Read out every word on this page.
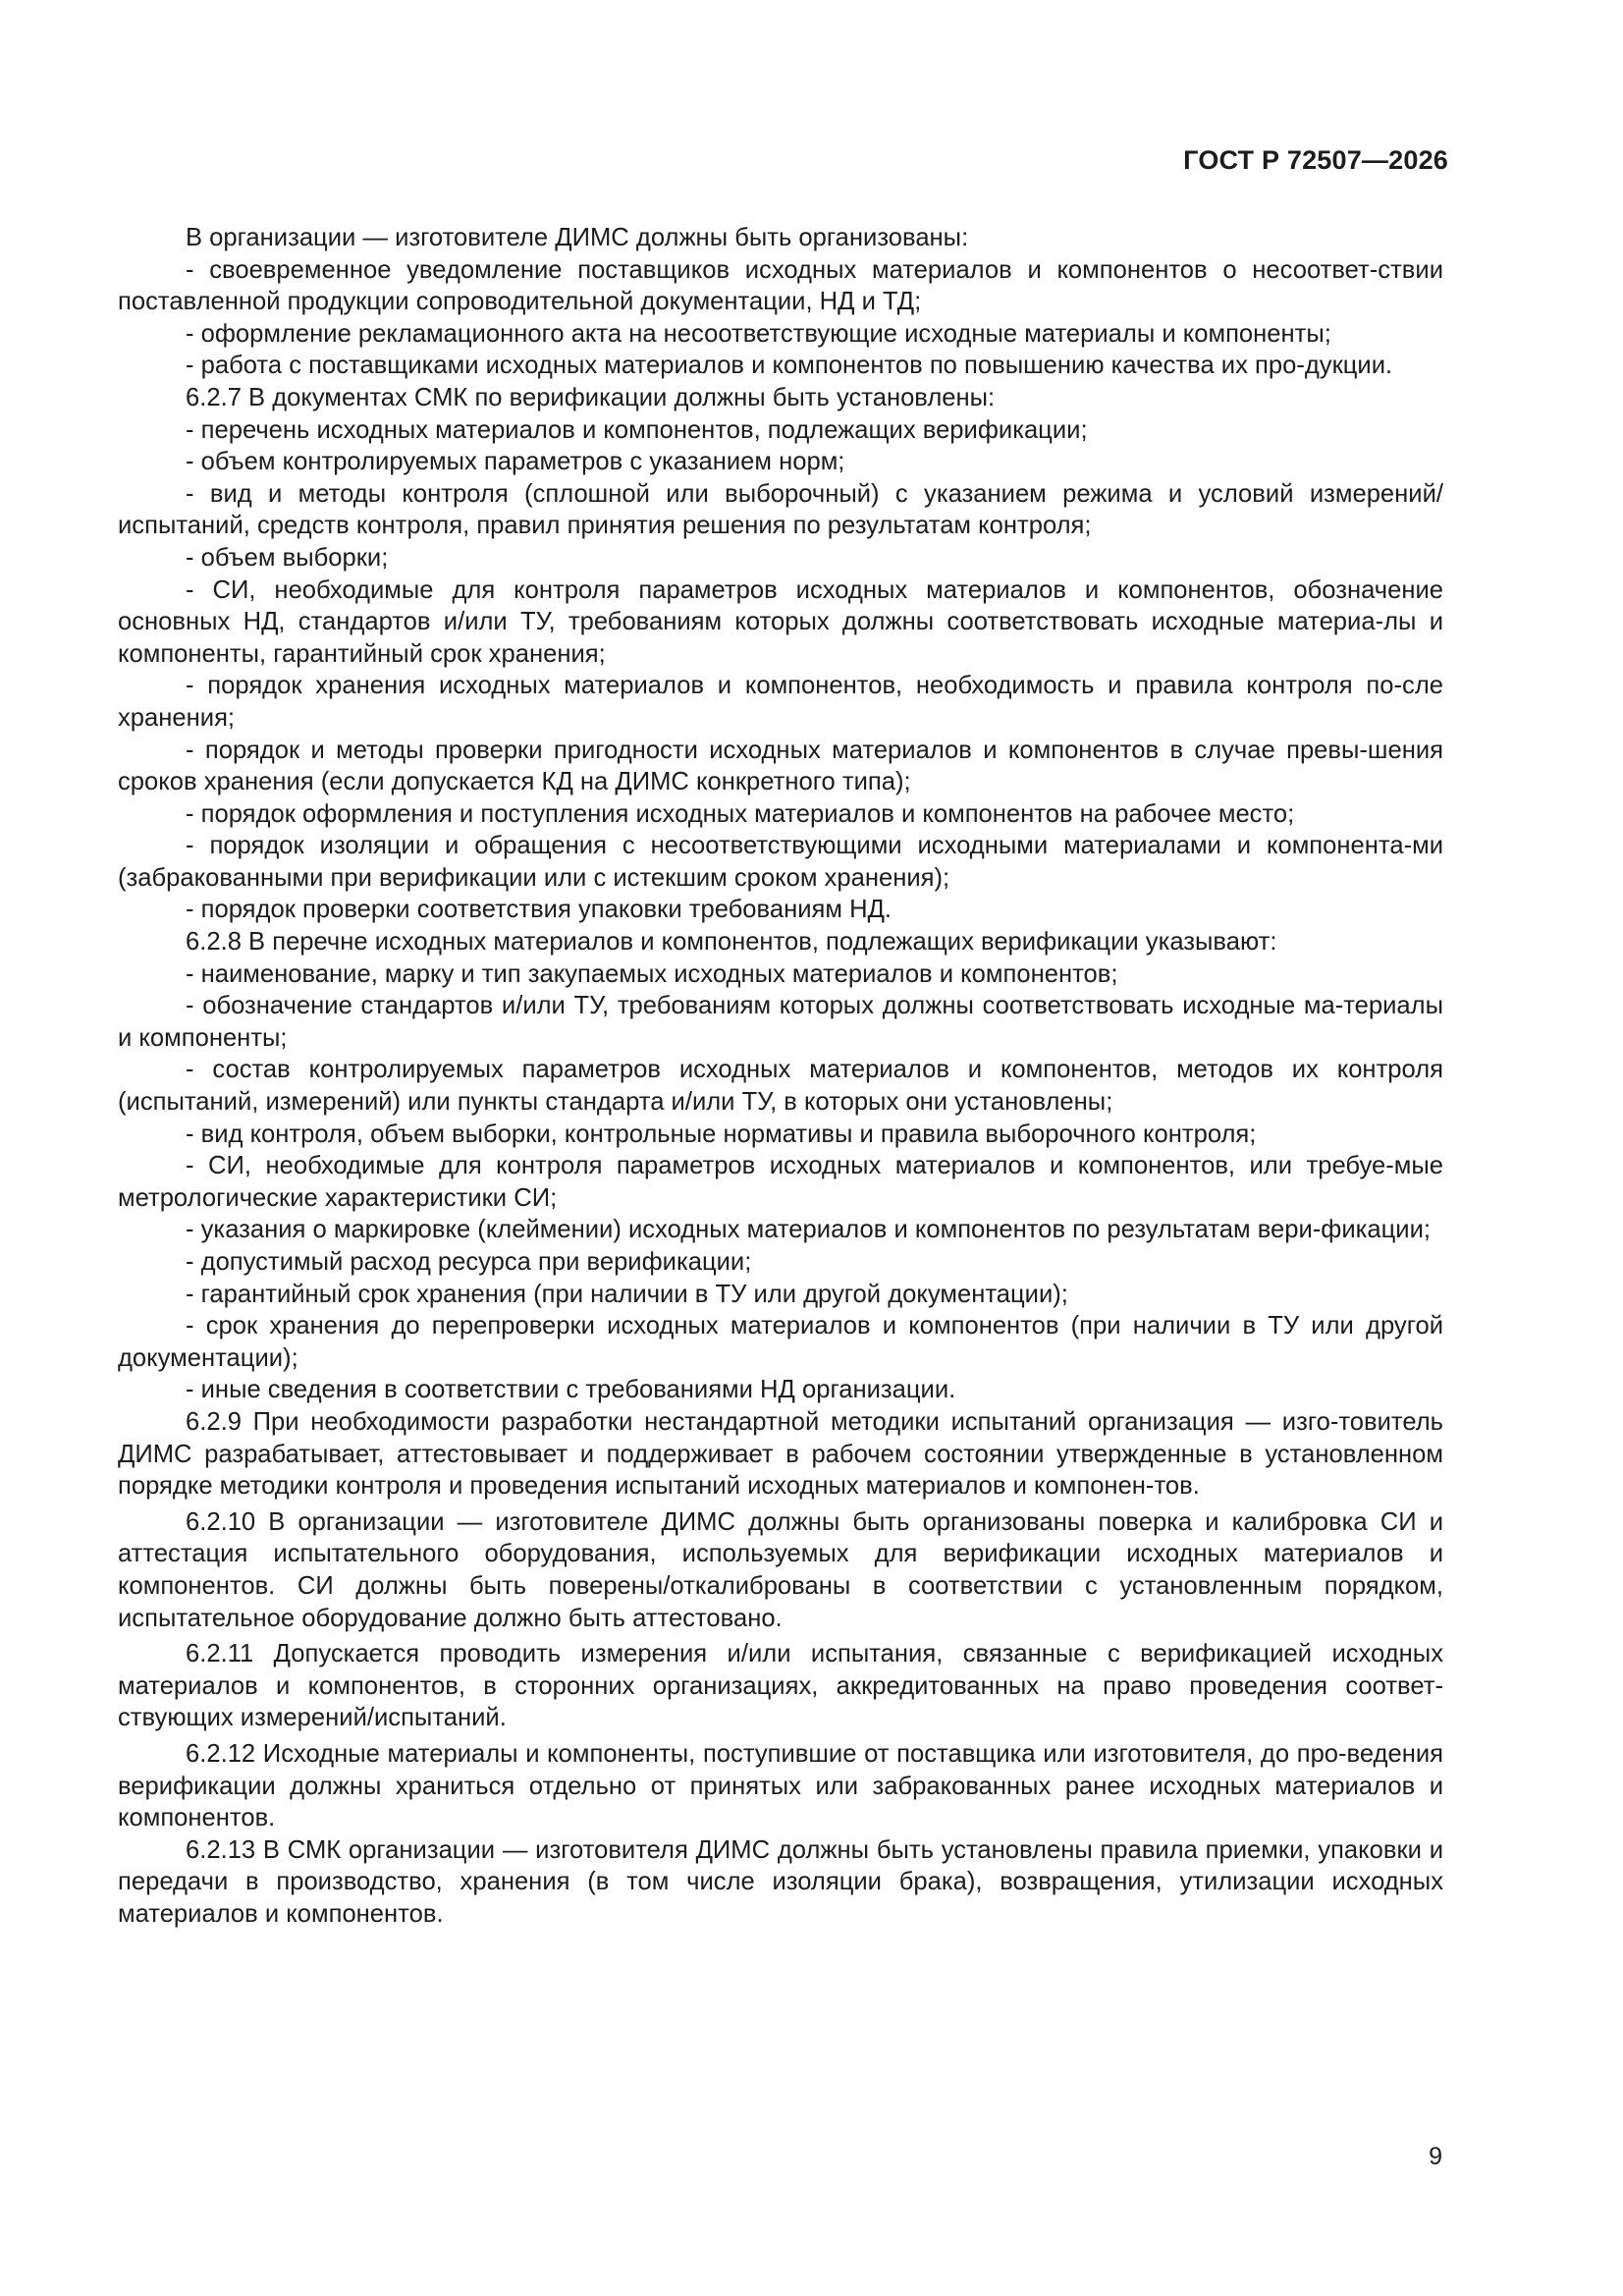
ГОСТ Р 72507—2026

В организации — изготовителе ДИМС должны быть организованы:

- своевременное уведомление поставщиков исходных материалов и компонентов о несоответ-ствии поставленной продукции сопроводительной документации, НД и ТД;

- оформление рекламационного акта на несоответствующие исходные материалы и компоненты;

- работа с поставщиками исходных материалов и компонентов по повышению качества их про-дукции.

6.2.7 В документах СМК по верификации должны быть установлены:

- перечень исходных материалов и компонентов, подлежащих верификации;

- объем контролируемых параметров с указанием норм;

- вид и методы контроля (сплошной или выборочный) с указанием режима и условий измерений/испытаний, средств контроля, правил принятия решения по результатам контроля;

- объем выборки;

- СИ, необходимые для контроля параметров исходных материалов и компонентов, обозначение основных НД, стандартов и/или ТУ, требованиям которых должны соответствовать исходные материа-лы и компоненты, гарантийный срок хранения;

- порядок хранения исходных материалов и компонентов, необходимость и правила контроля по-сле хранения;

- порядок и методы проверки пригодности исходных материалов и компонентов в случае превы-шения сроков хранения (если допускается КД на ДИМС конкретного типа);

- порядок оформления и поступления исходных материалов и компонентов на рабочее место;

- порядок изоляции и обращения с несоответствующими исходными материалами и компонента-ми (забракованными при верификации или с истекшим сроком хранения);

- порядок проверки соответствия упаковки требованиям НД.

6.2.8 В перечне исходных материалов и компонентов, подлежащих верификации указывают:

- наименование, марку и тип закупаемых исходных материалов и компонентов;

- обозначение стандартов и/или ТУ, требованиям которых должны соответствовать исходные ма-териалы и компоненты;

- состав контролируемых параметров исходных материалов и компонентов, методов их контроля (испытаний, измерений) или пункты стандарта и/или ТУ, в которых они установлены;

- вид контроля, объем выборки, контрольные нормативы и правила выборочного контроля;

- СИ, необходимые для контроля параметров исходных материалов и компонентов, или требуе-мые метрологические характеристики СИ;

- указания о маркировке (клеймении) исходных материалов и компонентов по результатам вери-фикации;

- допустимый расход ресурса при верификации;

- гарантийный срок хранения (при наличии в ТУ или другой документации);

- срок хранения до перепроверки исходных материалов и компонентов (при наличии в ТУ или другой документации);

- иные сведения в соответствии с требованиями НД организации.

6.2.9 При необходимости разработки нестандартной методики испытаний организация — изго-товитель ДИМС разрабатывает, аттестовывает и поддерживает в рабочем состоянии утвержденные в установленном порядке методики контроля и проведения испытаний исходных материалов и компонен-тов.

6.2.10 В организации — изготовителе ДИМС должны быть организованы поверка и калибровка СИ и аттестация испытательного оборудования, используемых для верификации исходных материалов и компонентов. СИ должны быть поверены/откалиброваны в соответствии с установленным порядком, испытательное оборудование должно быть аттестовано.

6.2.11 Допускается проводить измерения и/или испытания, связанные с верификацией исходных материалов и компонентов, в сторонних организациях, аккредитованных на право проведения соответ-ствующих измерений/испытаний.

6.2.12 Исходные материалы и компоненты, поступившие от поставщика или изготовителя, до про-ведения верификации должны храниться отдельно от принятых или забракованных ранее исходных материалов и компонентов.

6.2.13 В СМК организации — изготовителя ДИМС должны быть установлены правила приемки, упаковки и передачи в производство, хранения (в том числе изоляции брака), возвращения, утилизации исходных материалов и компонентов.

9
